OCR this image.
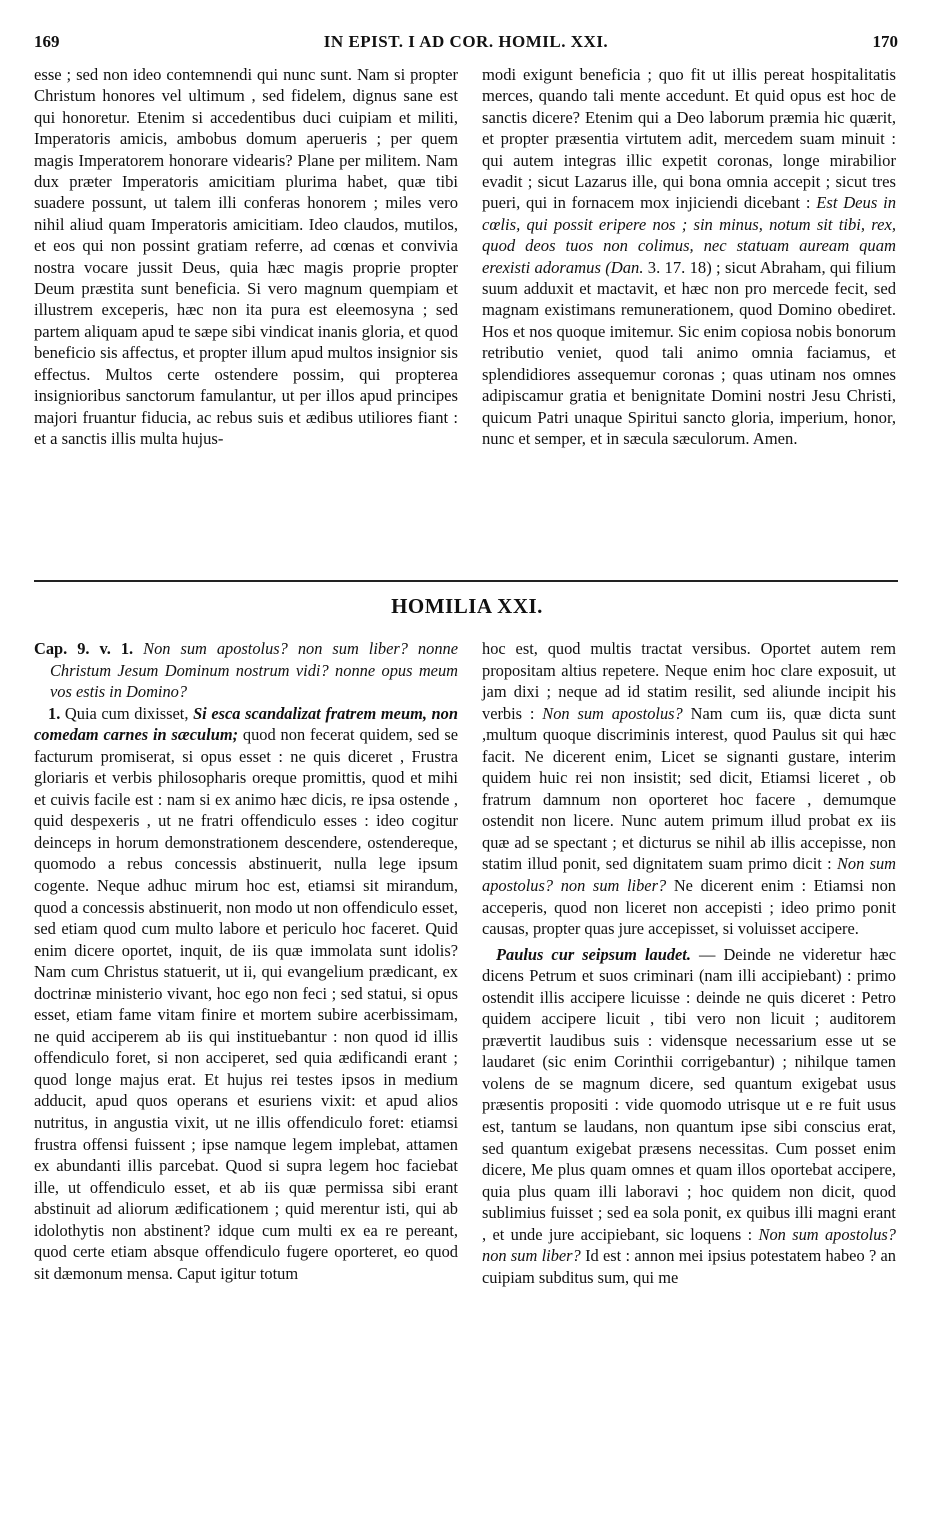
169	IN EPIST. I AD COR. HOMIL. XXI.	170

esse ; sed non ideo contemnendi qui nunc sunt. Nam si propter Christum honores vel ultimum , sed fidelem, dignus sane est qui honoretur. Etenim si accedentibus duci cuipiam et militi, Imperatoris amicis, ambobus domum aperueris ; per quem magis Imperatorem honorare videaris? Plane per militem. Nam dux præter Imperatoris amicitiam plurima habet, quæ tibi suadere possunt, ut talem illi conferas honorem ; miles vero nihil aliud quam Imperatoris amicitiam. Ideo claudos, mutilos, et eos qui non possint gratiam referre, ad cœnas et convivia nostra vocare jussit Deus, quia hæc magis proprie propter Deum præstita sunt beneficia. Si vero magnum quempiam et illustrem exceperis, hæc non ita pura est eleemosyna ; sed partem aliquam apud te sæpe sibi vindicat inanis gloria, et quod beneficio sis affectus, et propter illum apud multos insignior sis effectus. Multos certe ostendere possim, qui propterea insignioribus sanctorum famulantur, ut per illos apud principes majori fruantur fiducia, ac rebus suis et ædibus utiliores fiant : et a sanctis illis multa hujus-

modi exigunt beneficia ; quo fit ut illis pereat hospitalitatis merces, quando tali mente accedunt. Et quid opus est hoc de sanctis dicere? Etenim qui a Deo laborum præmia hic quærit, et propter præsentia virtutem adit, mercedem suam minuit : qui autem integras illic expetit coronas, longe mirabilior evadit ; sicut Lazarus ille, qui bona omnia accepit ; sicut tres pueri, qui in fornacem mox injiciendi dicebant : Est Deus in cœlis, qui possit eripere nos ; sin minus, notum sit tibi, rex, quod deos tuos non colimus, nec statuam auream quam erexisti adoramus (Dan. 3. 17. 18) ; sicut Abraham, qui filium suum adduxit et mactavit, et hæc non pro mercede fecit, sed magnam existimans remunerationem, quod Domino obediret. Hos et nos quoque imitemur. Sic enim copiosa nobis bonorum retributio veniet, quod tali animo omnia faciamus, et splendidiores assequemur coronas ; quas utinam nos omnes adipiscamur gratia et benignitate Domini nostri Jesu Christi, quicum Patri unaque Spiritui sancto gloria, imperium, honor, nunc et semper, et in sæcula sæculorum. Amen.

HOMILIA XXI.

Cap. 9. v. 1. Non sum apostolus? non sum liber? nonne Christum Jesum Dominum nostrum vidi? nonne opus meum vos estis in Domino?

1. Quia cum dixisset, Si esca scandalizat fratrem meum, non comedam carnes in sæculum; quod non fecerat quidem, sed se facturum promiserat, si opus esset : ne quis diceret , Frustra gloriaris et verbis philosopharis oreque promittis, quod et mihi et cuivis facile est : nam si ex animo hæc dicis, re ipsa ostende , quid despexeris , ut ne fratri offendiculo esses : ideo cogitur deinceps in horum demonstrationem descendere, ostendereque, quomodo a rebus concessis abstinuerit, nulla lege ipsum cogente. Neque adhuc mirum hoc est, etiamsi sit mirandum, quod a concessis abstinuerit, non modo ut non offendiculo esset, sed etiam quod cum multo labore et periculo hoc faceret. Quid enim dicere oportet, inquit, de iis quæ immolata sunt idolis? Nam cum Christus statuerit, ut ii, qui evangelium prædicant, ex doctrinæ ministerio vivant, hoc ego non feci ; sed statui, si opus esset, etiam fame vitam finire et mortem subire acerbissimam, ne quid acciperem ab iis qui instituebantur : non quod id illis offendiculo foret, si non acciperet, sed quia ædificandi erant ; quod longe majus erat. Et hujus rei testes ipsos in medium adducit, apud quos operans et esuriens vixit: et apud alios nutritus, in angustia vixit, ut ne illis offendiculo foret: etiamsi frustra offensi fuissent ; ipse namque legem implebat, attamen ex abundanti illis parcebat. Quod si supra legem hoc faciebat ille, ut offendiculo esset, et ab iis quæ permissa sibi erant abstinuit ad aliorum ædificationem ; quid merentur isti, qui ab idolothytis non abstinent? idque cum multi ex ea re pereant, quod certe etiam absque offendiculo fugere oporteret, eo quod sit dæmonum mensa. Caput igitur totum

hoc est, quod multis tractat versibus. Oportet autem rem propositam altius repetere. Neque enim hoc clare exposuit, ut jam dixi ; neque ad id statim resilit, sed aliunde incipit his verbis : Non sum apostolus? Nam cum iis, quæ dicta sunt ,multum quoque discriminis interest, quod Paulus sit qui hæc facit. Ne dicerent enim, Licet se signanti gustare, interim quidem huic rei non insistit; sed dicit, Etiamsi liceret , ob fratrum damnum non oporteret hoc facere , demumque ostendit non licere. Nunc autem primum illud probat ex iis quæ ad se spectant ; et dicturus se nihil ab illis accepisse, non statim illud ponit, sed dignitatem suam primo dicit : Non sum apostolus? non sum liber? Ne dicerent enim : Etiamsi non acceperis, quod non liceret non accepisti ; ideo primo ponit causas, propter quas jure accepisset, si voluisset accipere.

Paulus cur seipsum laudet. — Deinde ne videretur hæc dicens Petrum et suos criminari (nam illi accipiebant) : primo ostendit illis accipere licuisse : deinde ne quis diceret : Petro quidem accipere licuit , tibi vero non licuit ; auditorem prævertit laudibus suis : vidensque necessarium esse ut se laudaret (sic enim Corinthii corrigebantur) ; nihilque tamen volens de se magnum dicere, sed quantum exigebat usus præsentis propositi : vide quomodo utrisque ut e re fuit usus est, tantum se laudans, non quantum ipse sibi conscius erat, sed quantum exigebat præsens necessitas. Cum posset enim dicere, Me plus quam omnes et quam illos oportebat accipere, quia plus quam illi laboravi ; hoc quidem non dicit, quod sublimius fuisset ; sed ea sola ponit, ex quibus illi magni erant , et unde jure accipiebant, sic loquens : Non sum apostolus? non sum liber? Id est : annon mei ipsius potestatem habeo ? an cuipiam subditus sum, qui me
